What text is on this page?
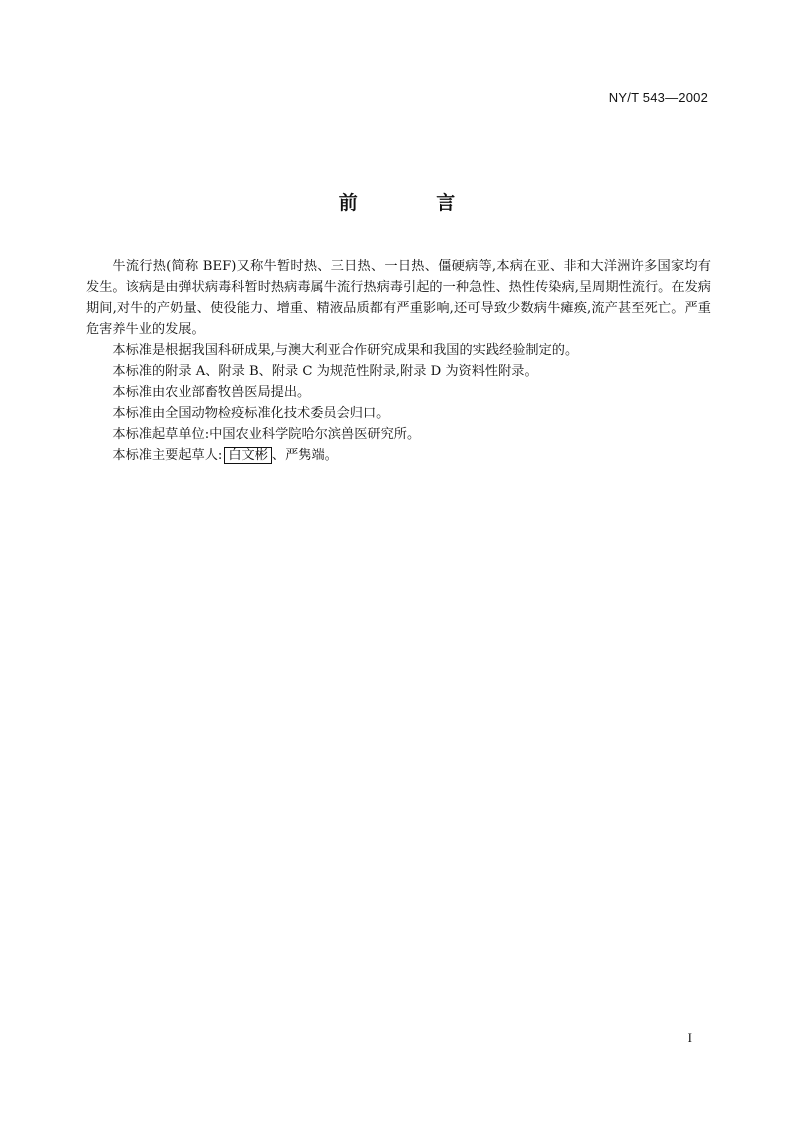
NY/T 543—2002
前 言

牛流行热(简称 BEF)又称牛暂时热、三日热、一日热、僵硬病等,本病在亚、非和大洋洲许多国家均有发生。该病是由弹状病毒科暂时热病毒属牛流行热病毒引起的一种急性、热性传染病,呈周期性流行。在发病期间,对牛的产奶量、使役能力、增重、精液品质都有严重影响,还可导致少数病牛瘫痪,流产甚至死亡。严重危害养牛业的发展。

本标准是根据我国科研成果,与澳大利亚合作研究成果和我国的实践经验制定的。

本标准的附录 A、附录 B、附录 C 为规范性附录,附录 D 为资料性附录。

本标准由农业部畜牧兽医局提出。

本标准由全国动物检疫标准化技术委员会归口。

本标准起草单位:中国农业科学院哈尔滨兽医研究所。

本标准主要起草人: 白文彬 、严隽端。

I
